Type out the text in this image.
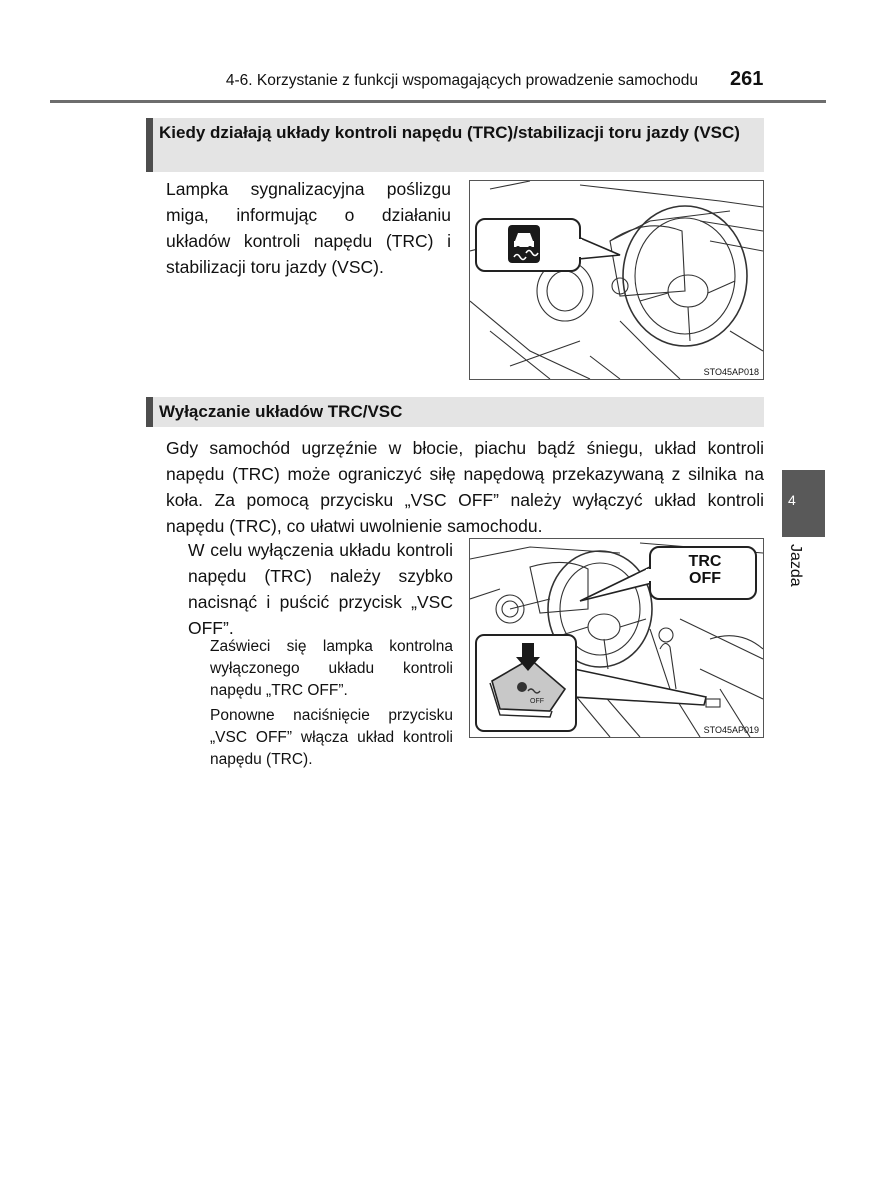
4-6. Korzystanie z funkcji wspomagających prowadzenie samochodu 261
Kiedy działają układy kontroli napędu (TRC)/stabilizacji toru jazdy (VSC)
Lampka sygnalizacyjna poślizgu miga, informując o działaniu układów kontroli napędu (TRC) i stabilizacji toru jazdy (VSC).
STO45AP018
Wyłączanie układów TRC/VSC
Gdy samochód ugrzęźnie w błocie, piachu bądź śniegu, układ kontroli napędu (TRC) może ograniczyć siłę napędową przekazywaną z silnika na koła. Za pomocą przycisku „VSC OFF” należy wyłączyć układ kontroli napędu (TRC), co ułatwi uwolnienie samochodu.
W celu wyłączenia układu kontroli napędu (TRC) należy szybko nacisnąć i puścić przycisk „VSC OFF”.
Zaświeci się lampka kontrolna wyłączonego układu kontroli napędu „TRC OFF”.
Ponowne naciśnięcie przycisku „VSC OFF” włącza układ kontroli napędu (TRC).
OFF
TRC
OFF
STO45AP019
4
Jazda
